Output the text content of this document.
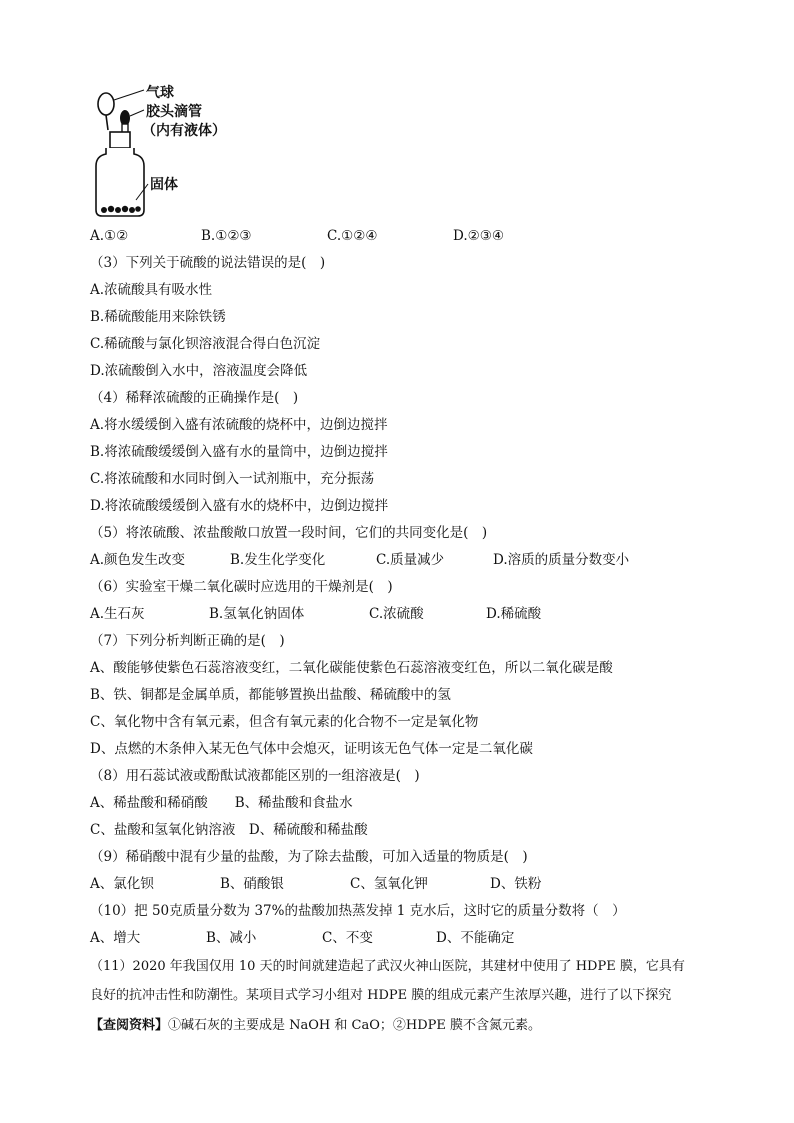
气球
胶头滴管
（内有液体）
固体
A.①②	B.①②③	C.①②④	D.②③④
（3）下列关于硫酸的说法错误的是(　)
A.浓硫酸具有吸水性
B.稀硫酸能用来除铁锈
C.稀硫酸与氯化钡溶液混合得白色沉淀
D.浓硫酸倒入水中，溶液温度会降低
（4）稀释浓硫酸的正确操作是(　)
A.将水缓缓倒入盛有浓硫酸的烧杯中，边倒边搅拌
B.将浓硫酸缓缓倒入盛有水的量筒中，边倒边搅拌
C.将浓硫酸和水同时倒入一试剂瓶中，充分振荡
D.将浓硫酸缓缓倒入盛有水的烧杯中，边倒边搅拌
（5）将浓硫酸、浓盐酸敞口放置一段时间，它们的共同变化是(　)
A.颜色发生改变	B.发生化学变化	C.质量减少	D.溶质的质量分数变小
（6）实验室干燥二氧化碳时应选用的干燥剂是(　)
A.生石灰	B.氢氧化钠固体	C.浓硫酸	D.稀硫酸
（7）下列分析判断正确的是(　)
A、酸能够使紫色石蕊溶液变红，二氧化碳能使紫色石蕊溶液变红色，所以二氧化碳是酸
B、铁、铜都是金属单质，都能够置换出盐酸、稀硫酸中的氢
C、氧化物中含有氧元素，但含有氧元素的化合物不一定是氧化物
D、点燃的木条伸入某无色气体中会熄灭，证明该无色气体一定是二氧化碳
（8）用石蕊试液或酚酞试液都能区别的一组溶液是(　)
A、稀盐酸和稀硝酸　　B、稀盐酸和食盐水
C、盐酸和氢氧化钠溶液　D、稀硫酸和稀盐酸
（9）稀硝酸中混有少量的盐酸，为了除去盐酸，可加入适量的物质是(　)
A、氯化钡	B、硝酸银	C、氢氧化钾	D、铁粉
（10）把 50克质量分数为 37%的盐酸加热蒸发掉 1 克水后，这时它的质量分数将（　）
A、增大	B、减小	C、不变	D、不能确定
（11）2020 年我国仅用 10 天的时间就建造起了武汉火神山医院，其建材中使用了 HDPE 膜，它具有
良好的抗冲击性和防潮性。某项目式学习小组对 HDPE 膜的组成元素产生浓厚兴趣，进行了以下探究
【查阅资料】①碱石灰的主要成是 NaOH 和 CaO；②HDPE 膜不含氮元素。
